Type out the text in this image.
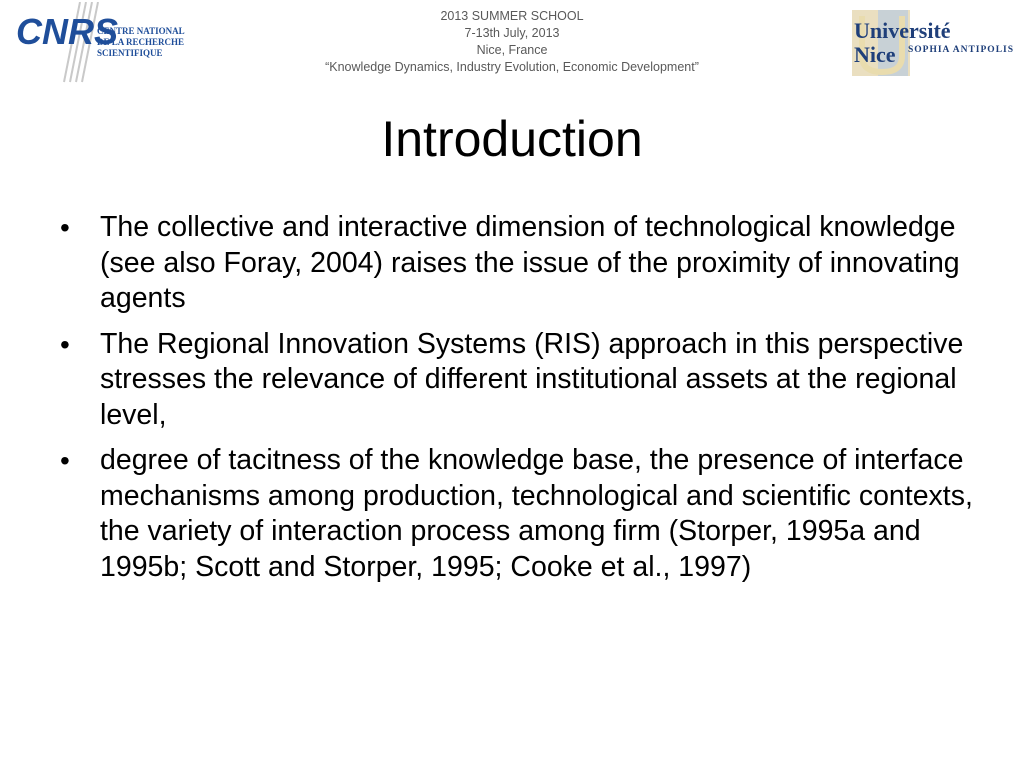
CNRS
CENTRE NATIONAL
DE LA RECHERCHE
SCIENTIFIQUE
2013 SUMMER SCHOOL
7-13th July, 2013
Nice, France
“Knowledge Dynamics, Industry Evolution, Economic Development”
Université
Nice SOPHIA ANTIPOLIS
Introduction
•	The collective and interactive dimension of technological knowledge (see also Foray, 2004) raises the issue of the proximity of innovating agents
•	The Regional Innovation Systems (RIS) approach in this perspective stresses the relevance of different institutional assets at the regional level,
•	degree of tacitness of the knowledge base, the presence of interface mechanisms among production, technological and scientific contexts, the variety of interaction process among firm (Storper, 1995a and 1995b; Scott and Storper, 1995; Cooke et al., 1997)
